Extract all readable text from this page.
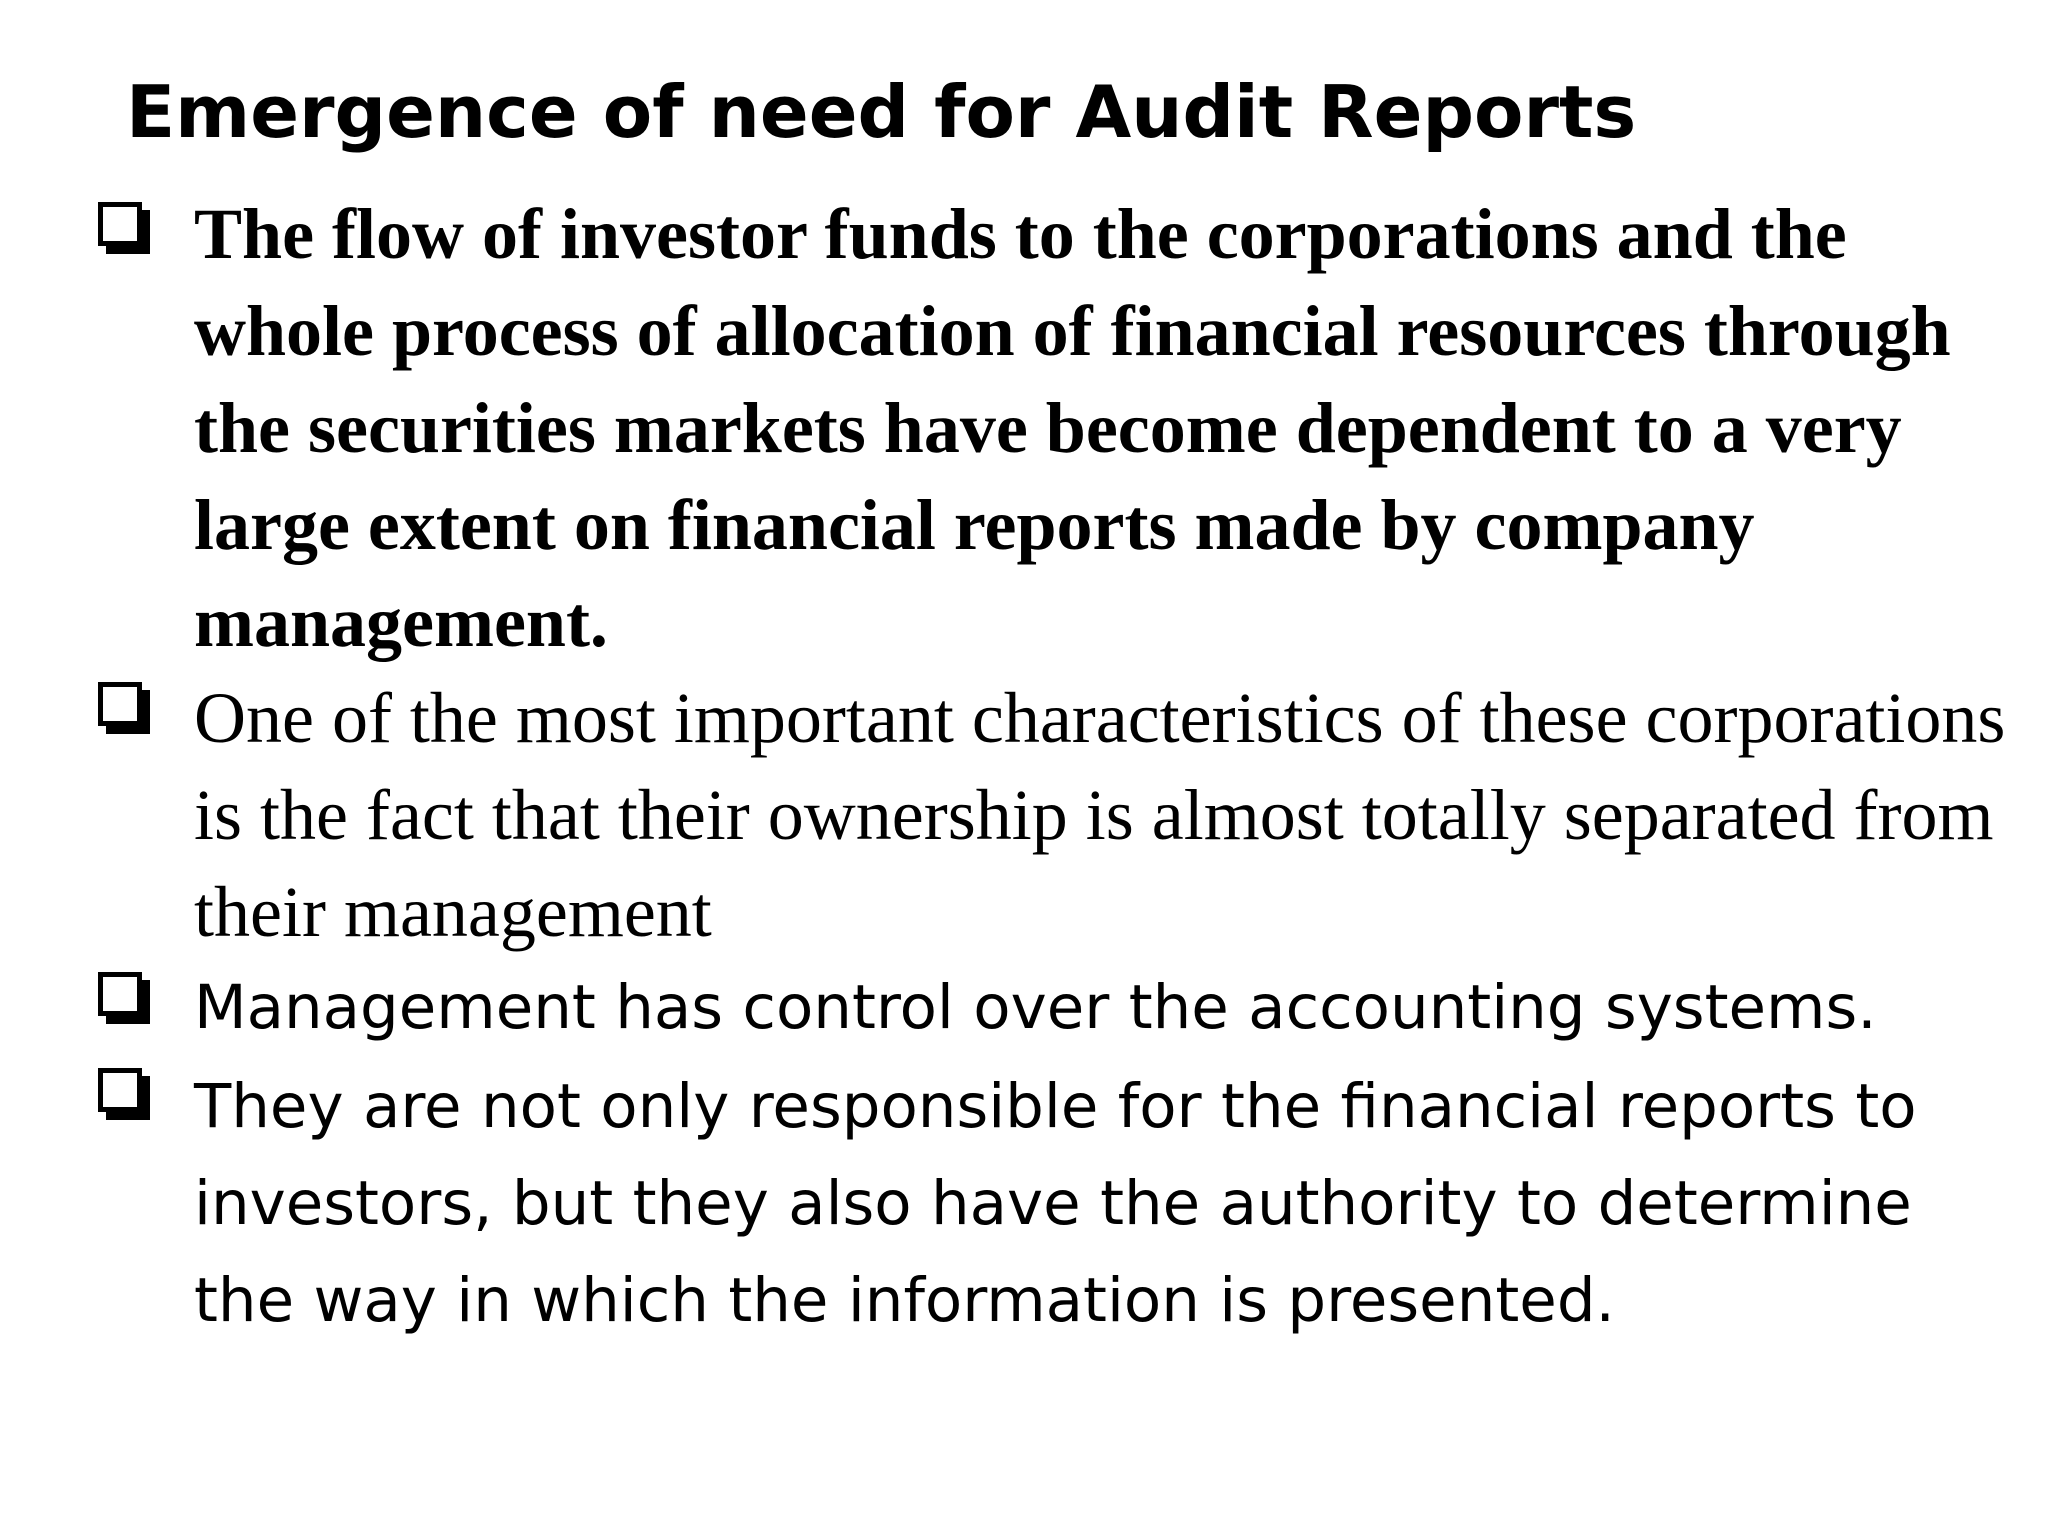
Emergence of need for Audit Reports
The flow of investor funds to the corporations and the whole process of allocation of financial resources through the securities markets have become dependent to a very large extent on financial reports made by company management.
One of the most important characteristics of these corporations is the fact that their ownership is almost totally separated from their management
Management has control over the accounting systems.
They are not only responsible for the financial reports to investors, but they also have the authority to determine the way in which the information is presented.
